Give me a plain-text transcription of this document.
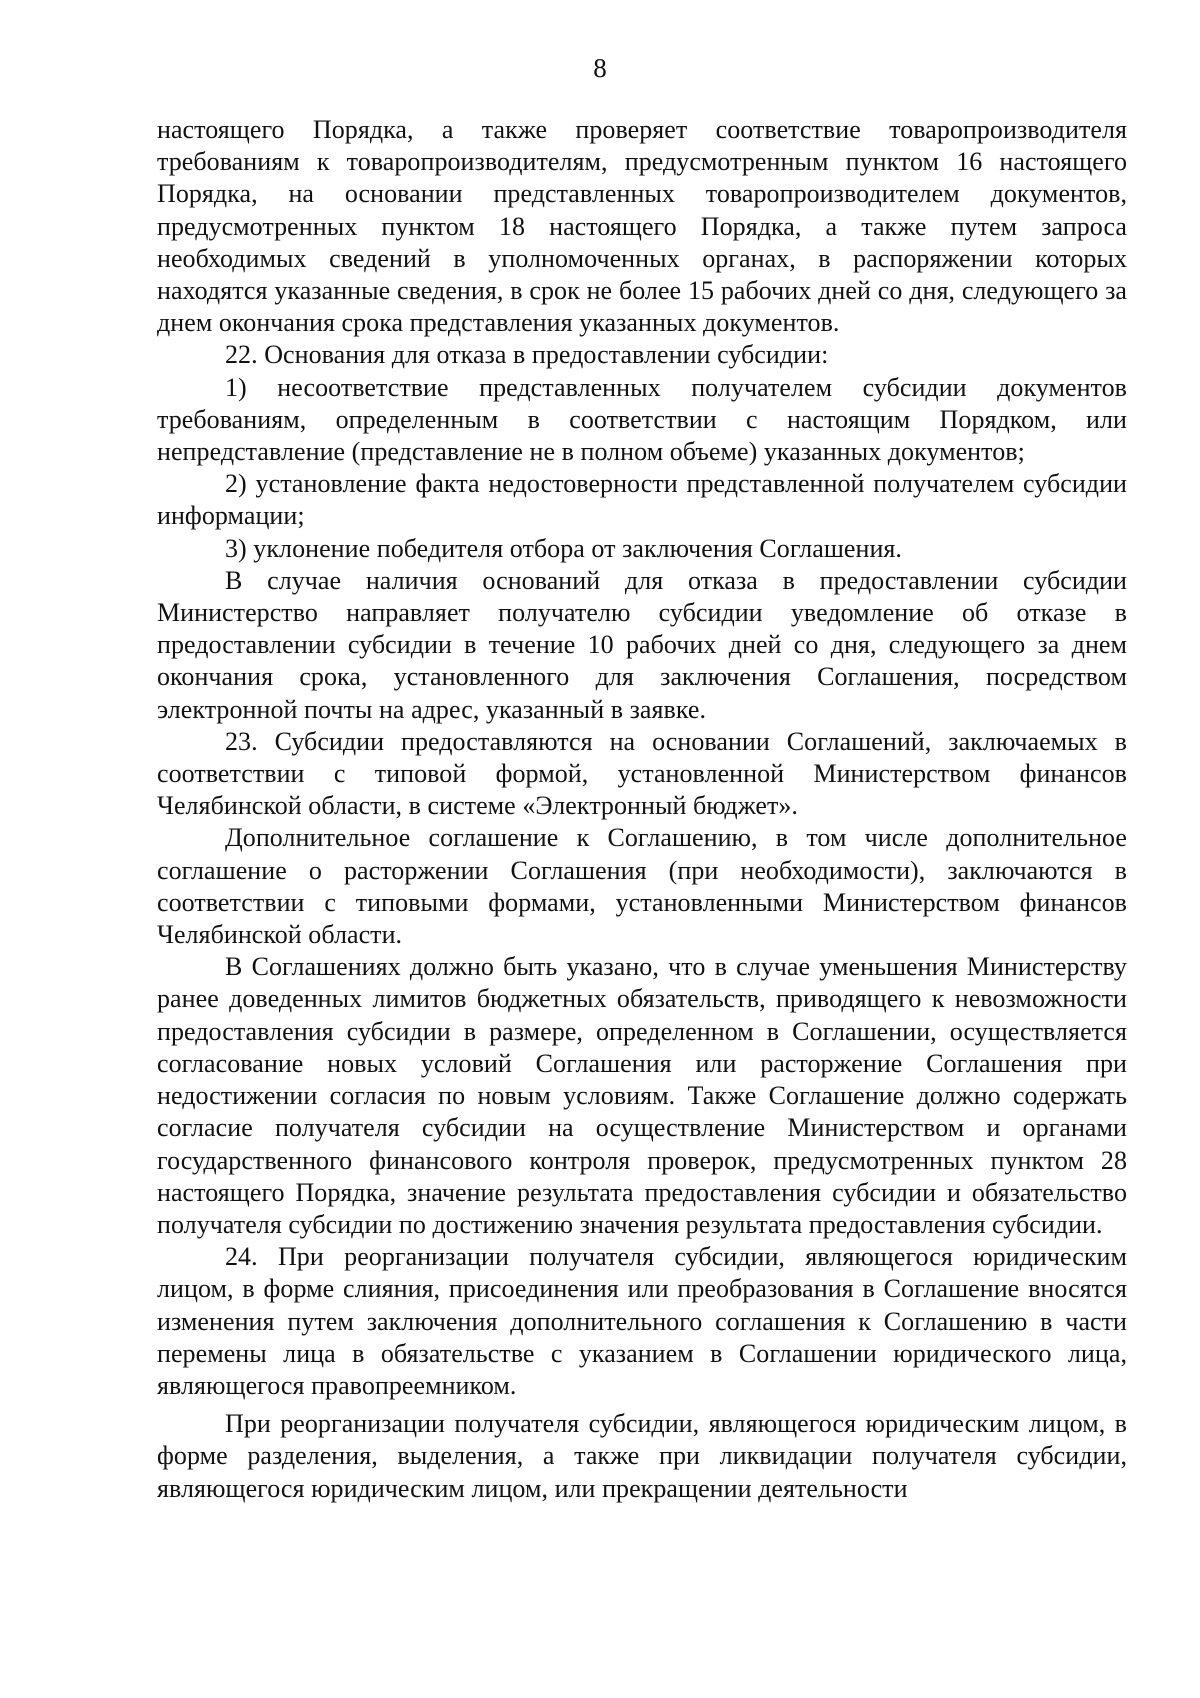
8

настоящего Порядка, а также проверяет соответствие товаропроизводителя требованиям к товаропроизводителям, предусмотренным пунктом 16 настоящего Порядка, на основании представленных товаропроизводителем документов, предусмотренных пунктом 18 настоящего Порядка, а также путем запроса необходимых сведений в уполномоченных органах, в распоряжении которых находятся указанные сведения, в срок не более 15 рабочих дней со дня, следующего за днем окончания срока представления указанных документов.

22. Основания для отказа в предоставлении субсидии:

1) несоответствие представленных получателем субсидии документов требованиям, определенным в соответствии с настоящим Порядком, или непредставление (представление не в полном объеме) указанных документов;

2) установление факта недостоверности представленной получателем субсидии информации;

3) уклонение победителя отбора от заключения Соглашения.

В случае наличия оснований для отказа в предоставлении субсидии Министерство направляет получателю субсидии уведомление об отказе в предоставлении субсидии в течение 10 рабочих дней со дня, следующего за днем окончания срока, установленного для заключения Соглашения, посредством электронной почты на адрес, указанный в заявке.

23. Субсидии предоставляются на основании Соглашений, заключаемых в соответствии с типовой формой, установленной Министерством финансов Челябинской области, в системе «Электронный бюджет».

Дополнительное соглашение к Соглашению, в том числе дополнительное соглашение о расторжении Соглашения (при необходимости), заключаются в соответствии с типовыми формами, установленными Министерством финансов Челябинской области.

В Соглашениях должно быть указано, что в случае уменьшения Министерству ранее доведенных лимитов бюджетных обязательств, приводящего к невозможности предоставления субсидии в размере, определенном в Соглашении, осуществляется согласование новых условий Соглашения или расторжение Соглашения при недостижении согласия по новым условиям. Также Соглашение должно содержать согласие получателя субсидии на осуществление Министерством и органами государственного финансового контроля проверок, предусмотренных пунктом 28 настоящего Порядка, значение результата предоставления субсидии и обязательство получателя субсидии по достижению значения результата предоставления субсидии.

24. При реорганизации получателя субсидии, являющегося юридическим лицом, в форме слияния, присоединения или преобразования в Соглашение вносятся изменения путем заключения дополнительного соглашения к Соглашению в части перемены лица в обязательстве с указанием в Соглашении юридического лица, являющегося правопреемником.

При реорганизации получателя субсидии, являющегося юридическим лицом, в форме разделения, выделения, а также при ликвидации получателя субсидии, являющегося юридическим лицом, или прекращении деятельности
